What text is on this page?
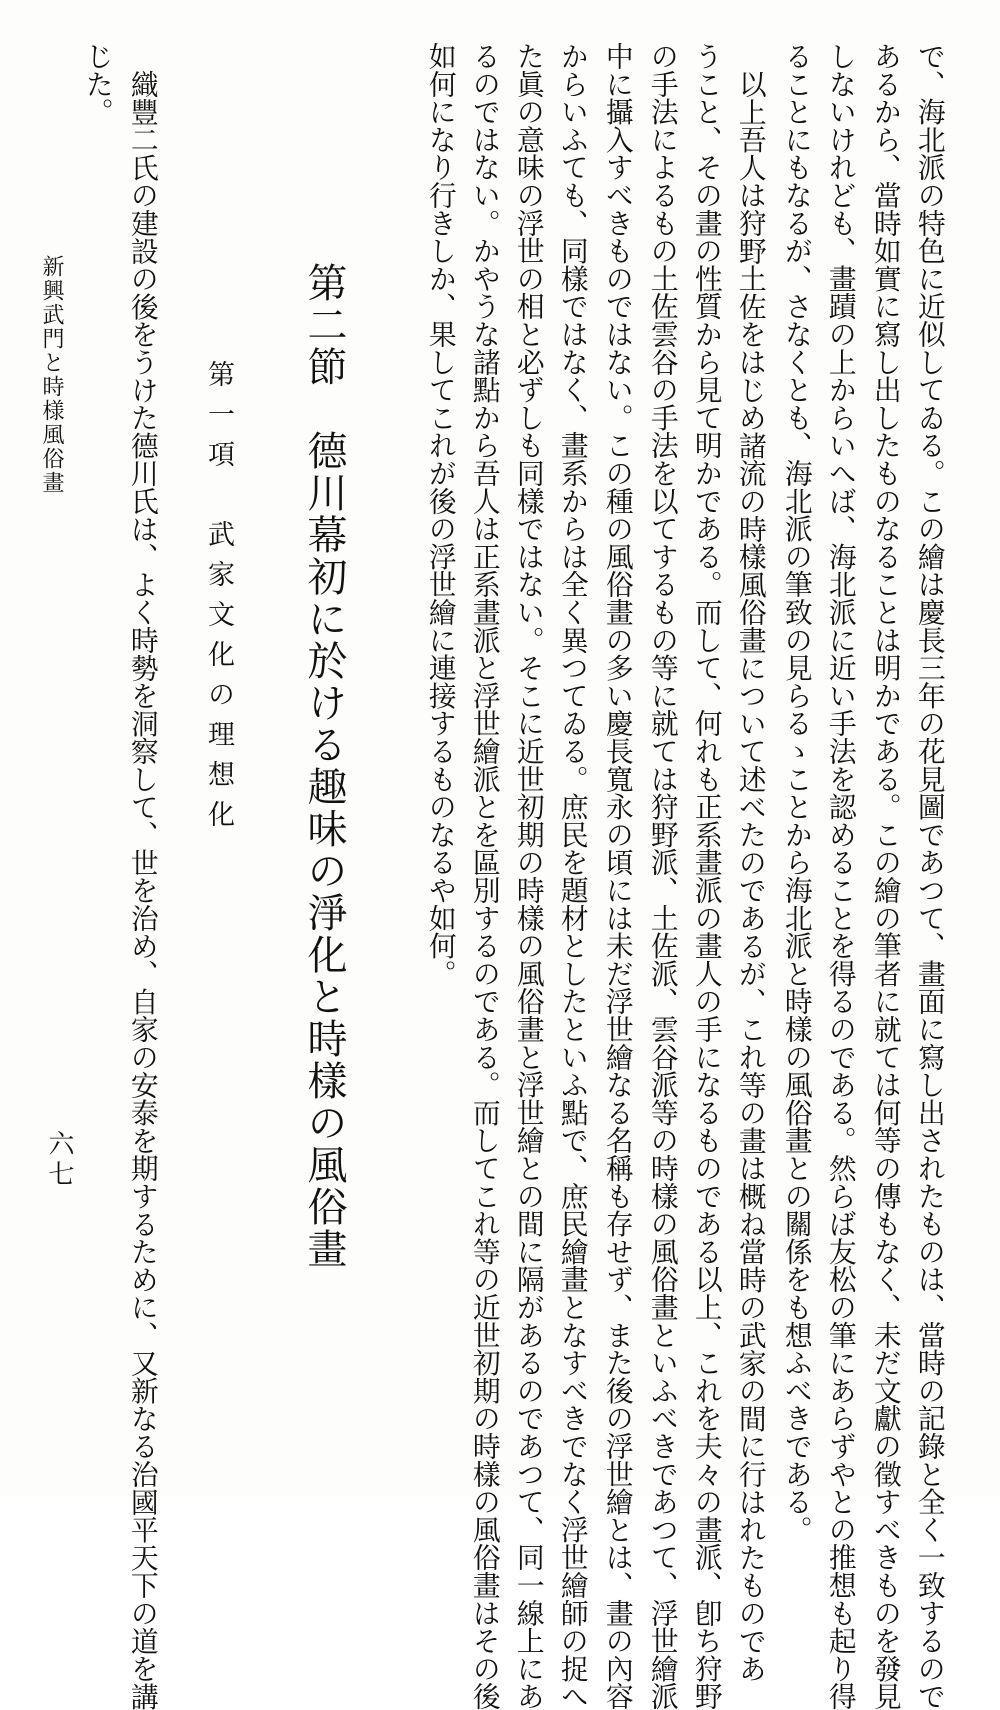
で、海北派の特色に近似してゐる。この繪は慶長三年の花見圖であつて、畫面に寫し出されたものは、當時の記錄と全く一致するので
あるから、當時如實に寫し出したものなることは明かである。この繪の筆者に就ては何等の傳もなく、未だ文獻の徵すべきものを發見
しないけれども、畫蹟の上からいへば、海北派に近い手法を認めることを得るのである。然らば友松の筆にあらずやとの推想も起り得
ることにもなるが、さなくとも、海北派の筆致の見らるゝことから海北派と時樣の風俗畫との關係をも想ふべきである。
以上吾人は狩野土佐をはじめ諸流の時樣風俗畫について述べたのであるが、これ等の畫は概ね當時の武家の間に行はれたものであ
うこと、その畫の性質から見て明かである。而して、何れも正系畫派の畫人の手になるものである以上、これを夫々の畫派、卽ち狩野
の手法によるもの土佐雲谷の手法を以てするもの等に就ては狩野派、土佐派、雲谷派等の時樣の風俗畫といふべきであつて、浮世繪派
中に攝入すべきものではない。この種の風俗畫の多い慶長寬永の頃には未だ浮世繪なる名稱も存せず、また後の浮世繪とは、畫の內容
からいふても、同樣ではなく、畫系からは全く異つてゐる。庶民を題材としたといふ點で、庶民繪畫となすべきでなく浮世繪師の捉へ
た眞の意味の浮世の相と必ずしも同樣ではない。そこに近世初期の時樣の風俗畫と浮世繪との間に隔があるのであつて、同一線上にあ
るのではない。かやうな諸點から吾人は正系畫派と浮世繪派とを區別するのである。而してこれ等の近世初期の時樣の風俗畫はその後
如何になり行きしか、果してこれが後の浮世繪に連接するものなるや如何。
第二節　德川幕初に於ける趣味の淨化と時樣の風俗畫
第一項　武家文化の理想化
織豐二氏の建設の後をうけた德川氏は、よく時勢を洞察して、世を治め、自家の安泰を期するために、又新なる治國平天下の道を講
じた。
新興武門と時様風俗畫
六七
